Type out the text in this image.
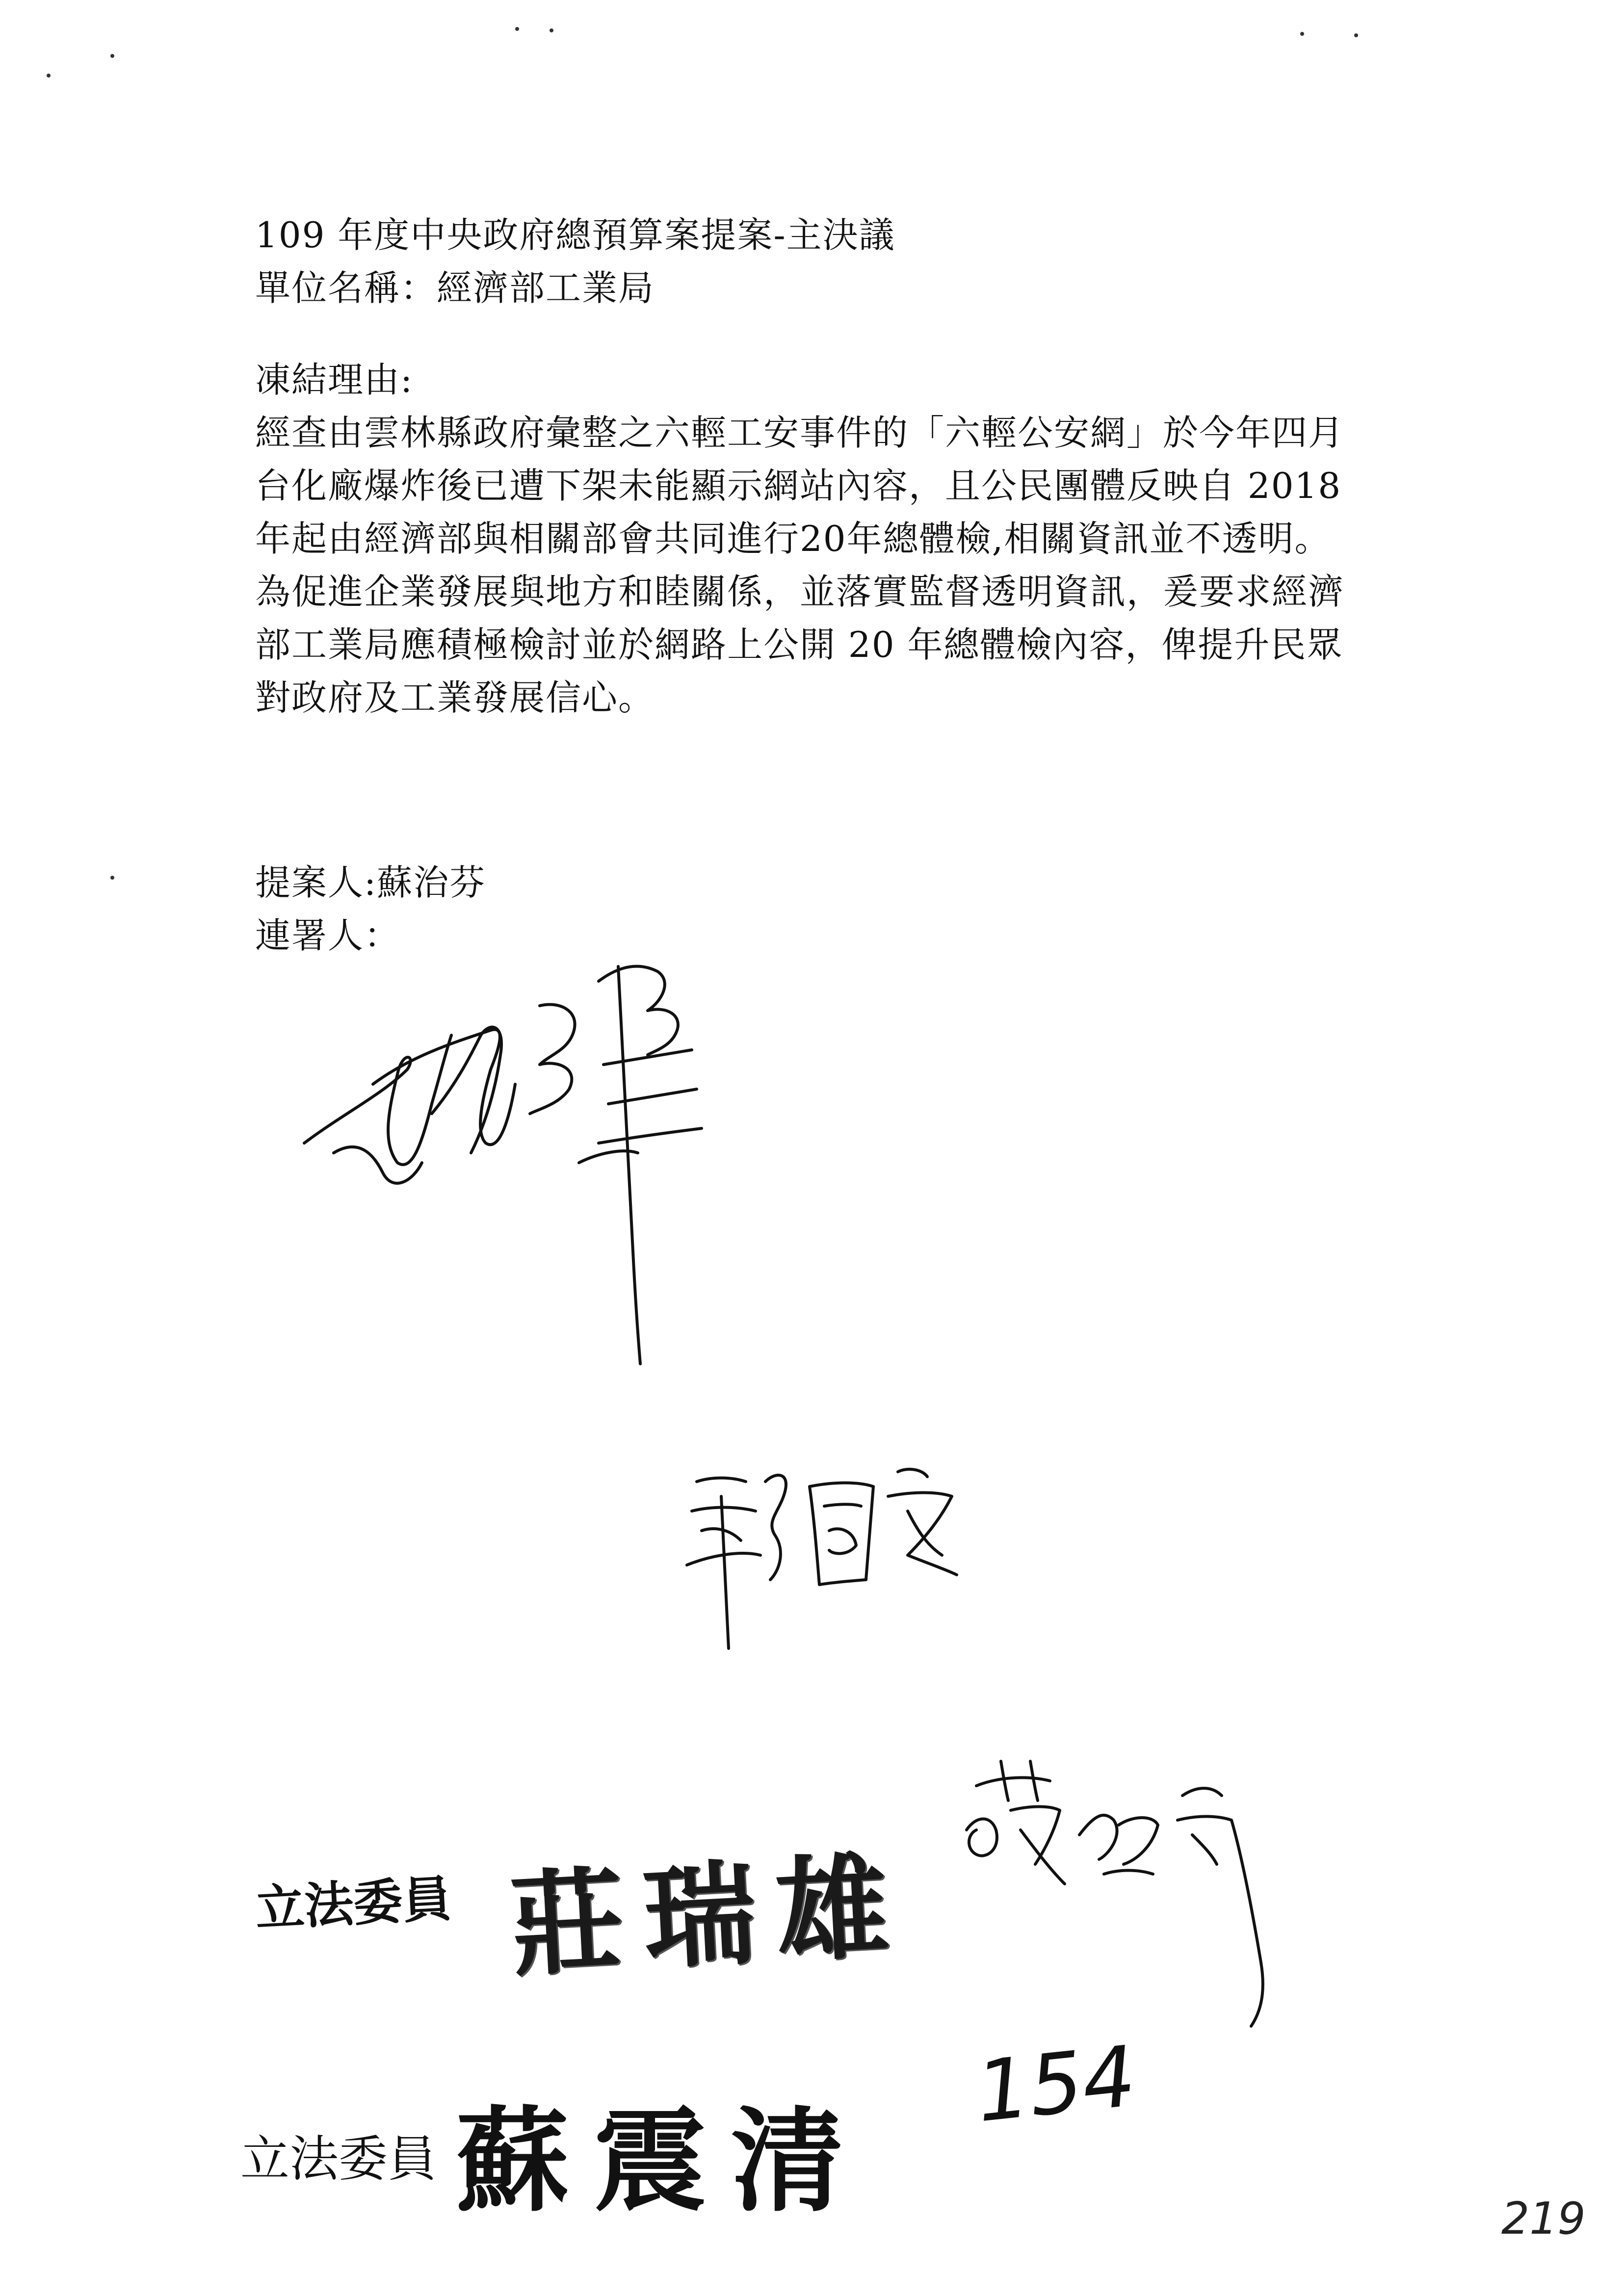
109 年度中央政府總預算案提案-主決議
單位名稱：經濟部工業局
凍結理由:
經查由雲林縣政府彙整之六輕工安事件的「六輕公安網」於今年四月
台化廠爆炸後已遭下架未能顯示網站內容，且公民團體反映自 2018
年起由經濟部與相關部會共同進行20年總體檢,相關資訊並不透明。
為促進企業發展與地方和睦關係，並落實監督透明資訊，爰要求經濟
部工業局應積極檢討並於網路上公開 20 年總體檢內容，俾提升民眾
對政府及工業發展信心。
提案人:蘇治芬
連署人：
立法委員 莊瑞雄
154
立法委員 蘇震清	219
